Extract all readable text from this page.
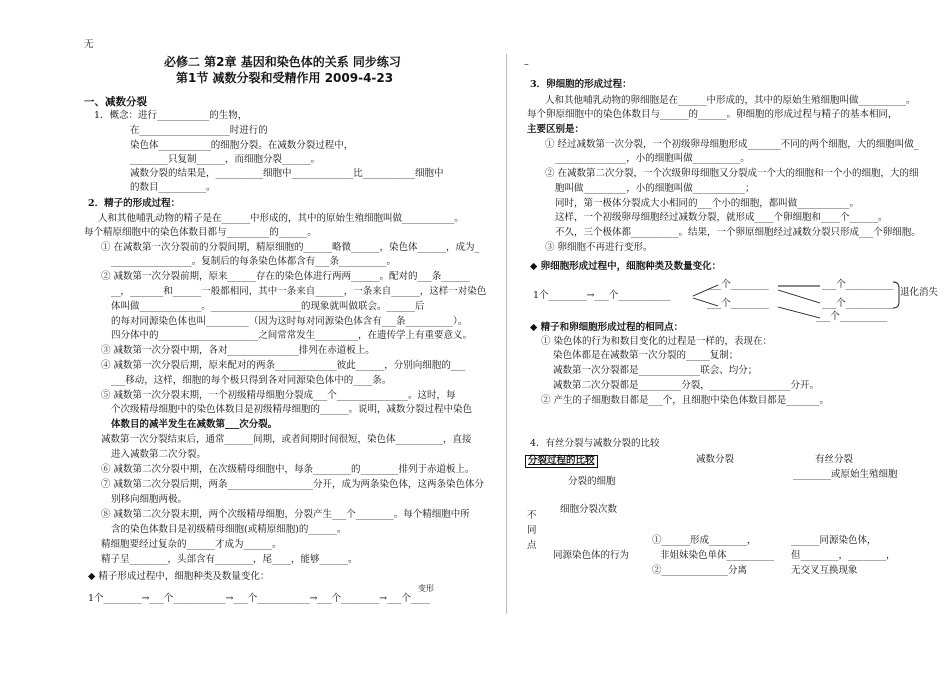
无
必修二 第2章 基因和染色体的关系 同步练习
第1节 减数分裂和受精作用 2009-4-23
一、减数分裂
1．概念：进行___________的生物，
在___________________时进行的
染色体___________的细胞分裂。在减数分裂过程中，
________只复制______，而细胞分裂______。
减数分裂的结果是，__________细胞中_____________比___________细胞中
的数目__________。
2．精子的形成过程：
人和其他哺乳动物的精子是在______中形成的，其中的原始生殖细胞叫做___________。
每个精原细胞中的染色体数目都与_________的______。
① 在减数第一次分裂前的分裂间期，精原细胞的______略微______，染色体______，成为_
_________________。复制后的每条染色体都含有___条__________。
② 减数第一次分裂前期，原来______存在的染色体进行两两______。配对的___条______
__，_______和______一般都相同，其中一条来自______，一条来自______，这样一对染色
体叫做_____________。___________________的现象就叫做联会。______后
的每对同源染色体也叫_________（因为这时每对同源染色体含有___条__________）。
四分体中的_____________________之间常常发生_________，在遗传学上有重要意义。
③ 减数第一次分裂中期，各对_______________排列在赤道板上。
④ 减数第一次分裂后期，原来配对的两条_____________彼此______，分别向细胞的___
___移动，这样，细胞的每个极只得到各对同源染色体中的____条。
⑤ 减数第一次分裂末期，一个初级精母细胞分裂成___个_______________。这时，每
个次级精母细胞中的染色体数目是初级精母细胞的______。说明，减数分裂过程中染色
体数目的减半发生在减数第___次分裂。
减数第一次分裂结束后，通常______间期，或者间期时间很短，染色体__________，直接
进入减数第二次分裂。
⑥ 减数第二次分裂中期，在次级精母细胞中，每条________的________排列于赤道板上。
⑦ 减数第二次分裂后期，两条__________________分开，成为两条染色体，这两条染色体分
别移向细胞两极。
⑧ 减数第二次分裂末期，两个次级精母细胞，分裂产生___个________。每个精细胞中所
含的染色体数目是初级精母细胞(或精原细胞)的______。
精细胞要经过复杂的______才成为______。
精子呈________，头部含有________，尾____，能够______。
◆ 精子形成过程中，细胞种类及数量变化：
1个________→___个___________→___个___________→___个________→___个____
变形
–
3．卵细胞的形成过程：
人和其他哺乳动物的卵细胞是在______中形成的，其中的原始生殖细胞叫做__________。
每个卵原细胞中的染色体数目与______的______。卵细胞的形成过程与精子的基本相同，
主要区别是：
① 经过减数第一次分裂，一个初级卵母细胞形成_______不同的两个细胞，大的细胞叫做_
_______________，小的细胞叫做__________。
② 在减数第二次分裂，一个次级卵母细胞又分裂成一个大的细胞和一个小的细胞，大的细
胞叫做_________，小的细胞叫做___________；
同时，第一极体分裂成大小相同的___个小的细胞，都叫做___________。
这样，一个初级卵母细胞经过减数分裂，就形成____个卵细胞和____个______。
不久，三个极体都__________。结果，一个卵原细胞经过减数分裂只形成___个卵细胞。
③ 卵细胞不再进行变形。
◆ 卵细胞形成过程中，细胞种类及数量变化：
1个________→___个___________
___个________
___个________
___个__________
___个__________
___个__________
退化消失
◆ 精子和卵细胞形成过程的相同点：
① 染色体的行为和数目变化的过程是一样的，表现在：
染色体都是在减数第一次分裂的_____复制；
减数第一次分裂都是_____________联会、均分；
减数第二次分裂都是_________分裂，_________________分开。
② 产生的子细胞数目都是___个，且细胞中染色体数目都是_______。
4．有丝分裂与减数分裂的比较
分裂过程的比较	减数分裂	有丝分裂
________或原始生殖细胞
分裂的细胞
细胞分裂次数
不
同
点
同源染色体的行为
①______形成________，
非姐妹染色单体__________
②______________分离
______同源染色体，
但________，________，
无交叉互换现象
